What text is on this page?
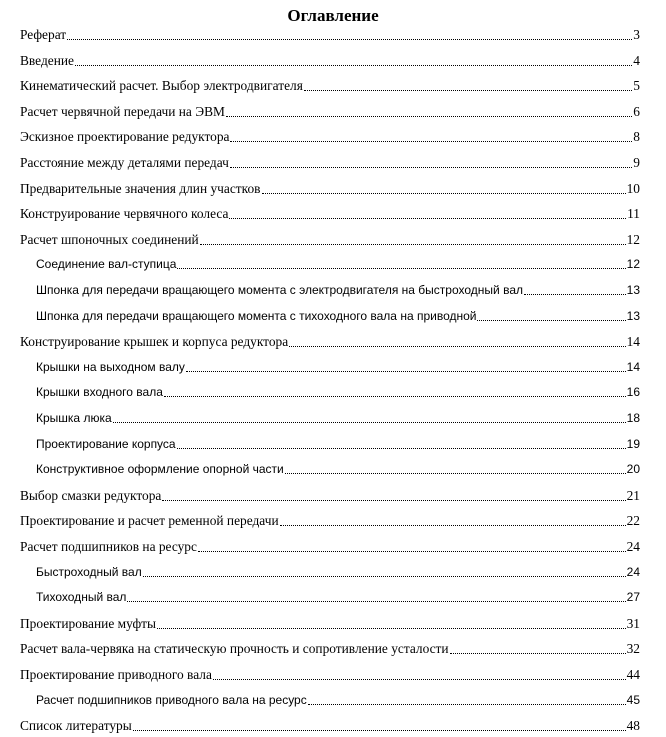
Оглавление
Реферат	3
Введение	4
Кинематический расчет. Выбор электродвигателя	5
Расчет червячной передачи на ЭВМ	6
Эскизное проектирование редуктора	8
Расстояние между деталями передач	9
Предварительные значения длин участков	10
Конструирование червячного колеса	11
Расчет шпоночных соединений	12
Соединение вал-ступица	12
Шпонка для передачи вращающего момента с электродвигателя на быстроходный вал	13
Шпонка для передачи вращающего момента с тихоходного вала на приводной	13
Конструирование крышек и корпуса редуктора	14
Крышки на выходном валу	14
Крышки входного вала	16
Крышка люка	18
Проектирование корпуса	19
Конструктивное оформление опорной части	20
Выбор смазки редуктора	21
Проектирование и расчет ременной передачи	22
Расчет подшипников на ресурс	24
Быстроходный вал	24
Тихоходный вал	27
Проектирование муфты	31
Расчет вала-червяка на статическую прочность и сопротивление усталости	32
Проектирование приводного вала	44
Расчет подшипников приводного вала на ресурс	45
Список литературы	48
